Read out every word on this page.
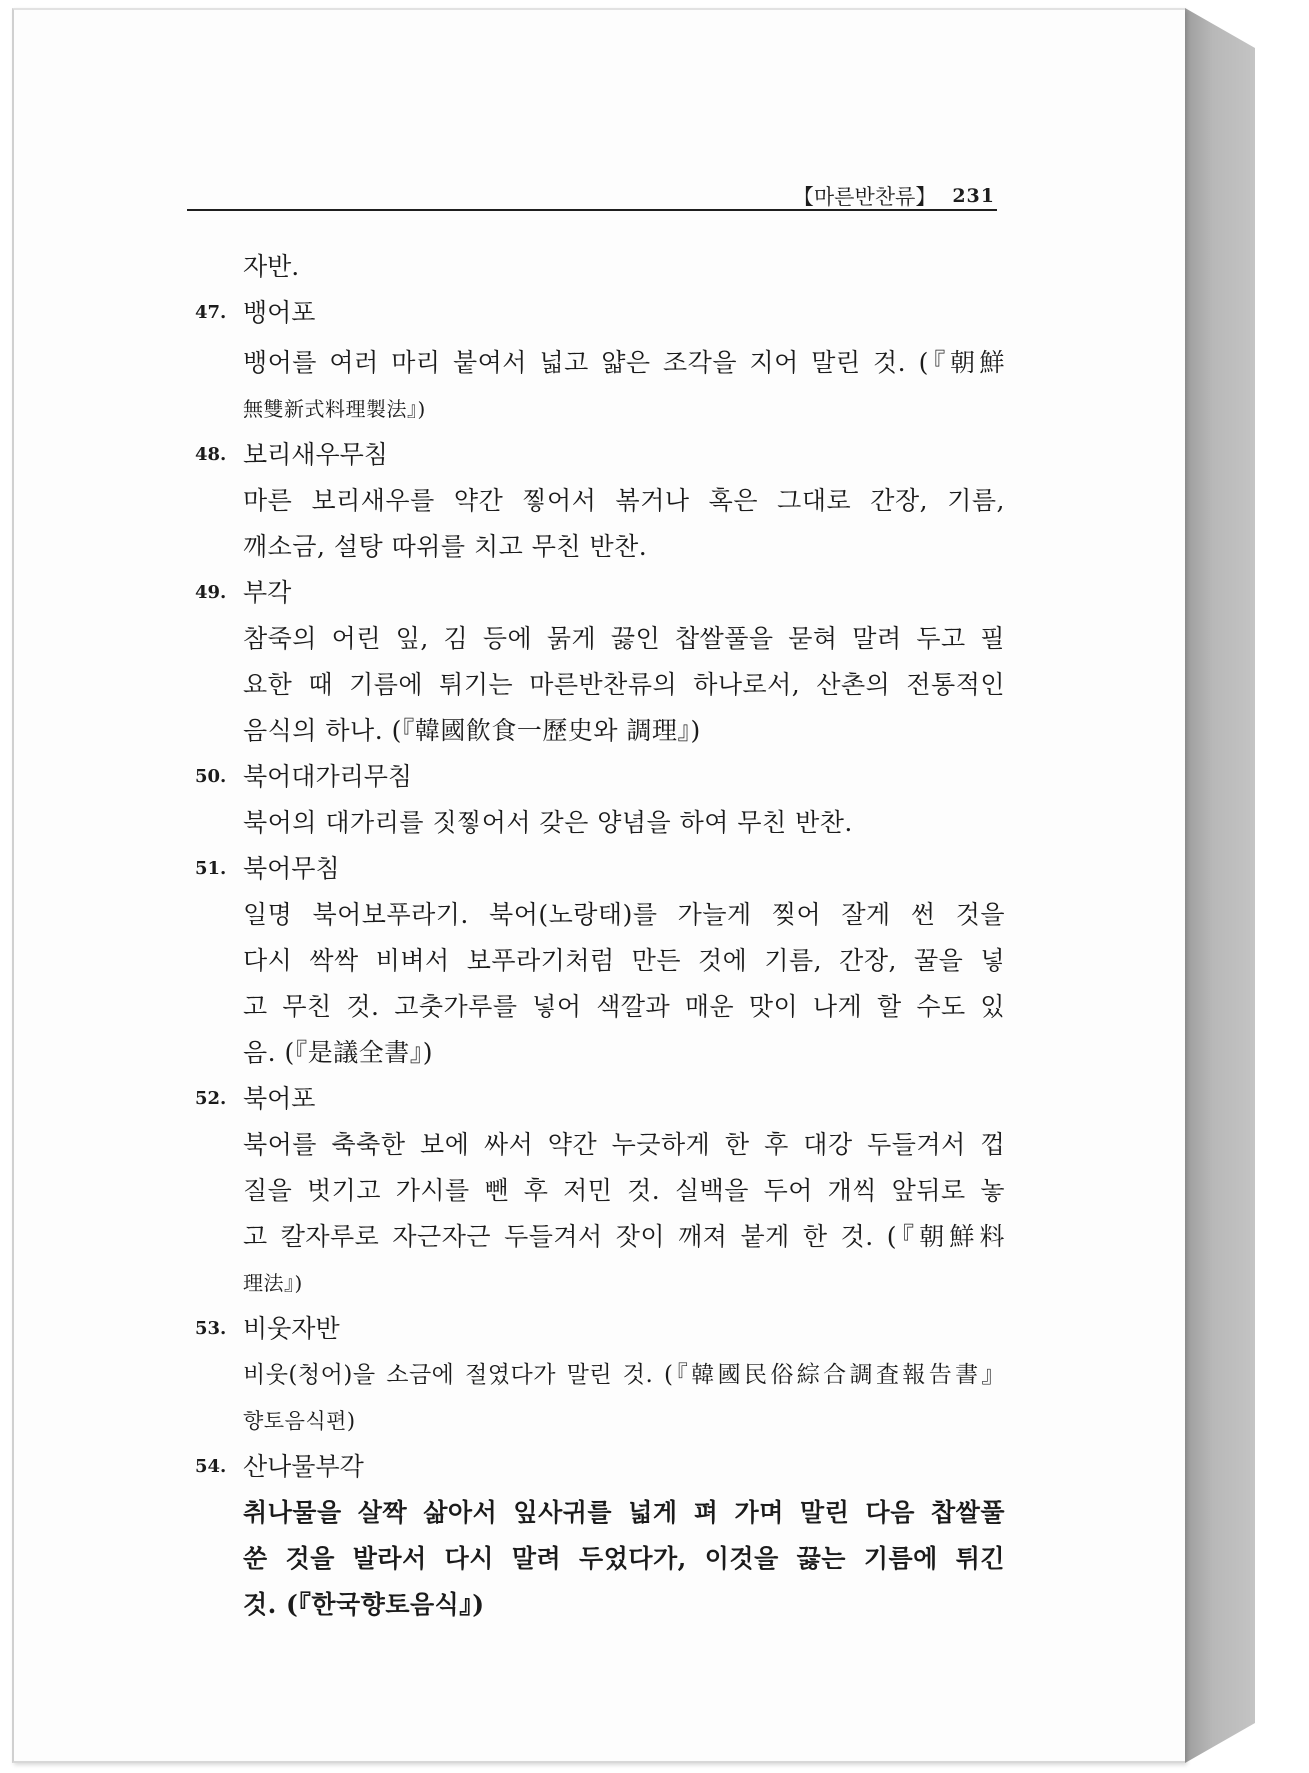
【마른반찬류】 231
자반.
47. 뱅어포
뱅어를 여러 마리 붙여서 넓고 얇은 조각을 지어 말린 것. (『朝鮮
無雙新式料理製法』)
48. 보리새우무침
마른 보리새우를 약간 찧어서 볶거나 혹은 그대로 간장, 기름,
깨소금, 설탕 따위를 치고 무친 반찬.
49. 부각
참죽의 어린 잎, 김 등에 묽게 끓인 찹쌀풀을 묻혀 말려 두고 필
요한 때 기름에 튀기는 마른반찬류의 하나로서, 산촌의 전통적인
음식의 하나. (『韓國飮食一歷史와 調理』)
50. 북어대가리무침
북어의 대가리를 짓찧어서 갖은 양념을 하여 무친 반찬.
51. 북어무침
일명 북어보푸라기. 북어(노랑태)를 가늘게 찢어 잘게 썬 것을
다시 싹싹 비벼서 보푸라기처럼 만든 것에 기름, 간장, 꿀을 넣
고 무친 것. 고춧가루를 넣어 색깔과 매운 맛이 나게 할 수도 있
음. (『是議全書』)
52. 북어포
북어를 축축한 보에 싸서 약간 누긋하게 한 후 대강 두들겨서 껍
질을 벗기고 가시를 뺀 후 저민 것. 실백을 두어 개씩 앞뒤로 놓
고 칼자루로 자근자근 두들겨서 잣이 깨져 붙게 한 것. (『朝鮮料
理法』)
53. 비웃자반
비웃(청어)을 소금에 절였다가 말린 것. (『韓國民俗綜合調査報告書』
향토음식편)
54. 산나물부각
취나물을 살짝 삶아서 잎사귀를 넓게 펴 가며 말린 다음 찹쌀풀
쑨 것을 발라서 다시 말려 두었다가, 이것을 끓는 기름에 튀긴
것. (『한국향토음식』)
